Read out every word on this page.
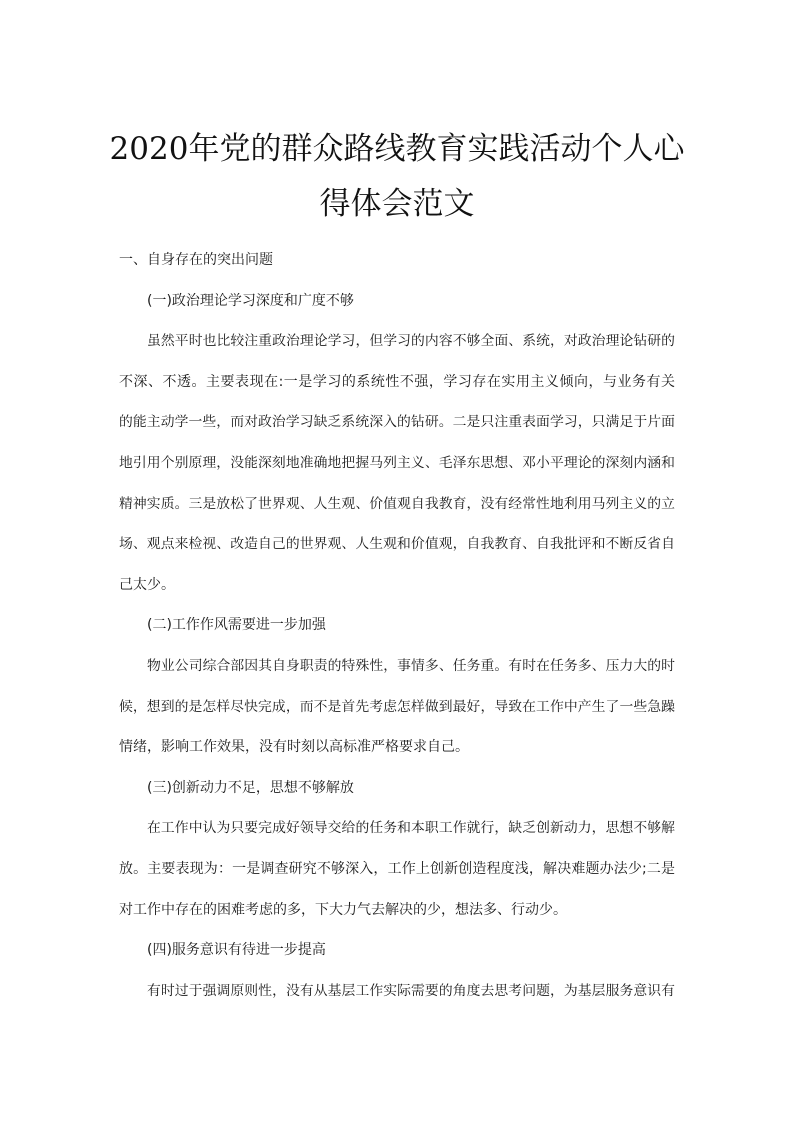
2020年党的群众路线教育实践活动个人心
得体会范文
一、自身存在的突出问题
(一)政治理论学习深度和广度不够
虽然平时也比较注重政治理论学习，但学习的内容不够全面、系统，对政治理论钻研的
不深、不透。主要表现在:一是学习的系统性不强，学习存在实用主义倾向，与业务有关
的能主动学一些，而对政治学习缺乏系统深入的钻研。二是只注重表面学习，只满足于片面
地引用个别原理，没能深刻地准确地把握马列主义、毛泽东思想、邓小平理论的深刻内涵和
精神实质。三是放松了世界观、人生观、价值观自我教育，没有经常性地利用马列主义的立
场、观点来检视、改造自己的世界观、人生观和价值观，自我教育、自我批评和不断反省自
己太少。
(二)工作作风需要进一步加强
物业公司综合部因其自身职责的特殊性，事情多、任务重。有时在任务多、压力大的时
候，想到的是怎样尽快完成，而不是首先考虑怎样做到最好，导致在工作中产生了一些急躁
情绪，影响工作效果，没有时刻以高标准严格要求自己。
(三)创新动力不足，思想不够解放
在工作中认为只要完成好领导交给的任务和本职工作就行，缺乏创新动力，思想不够解
放。主要表现为：一是调查研究不够深入，工作上创新创造程度浅，解决难题办法少;二是
对工作中存在的困难考虑的多，下大力气去解决的少，想法多、行动少。
(四)服务意识有待进一步提高
有时过于强调原则性，没有从基层工作实际需要的角度去思考问题，为基层服务意识有
